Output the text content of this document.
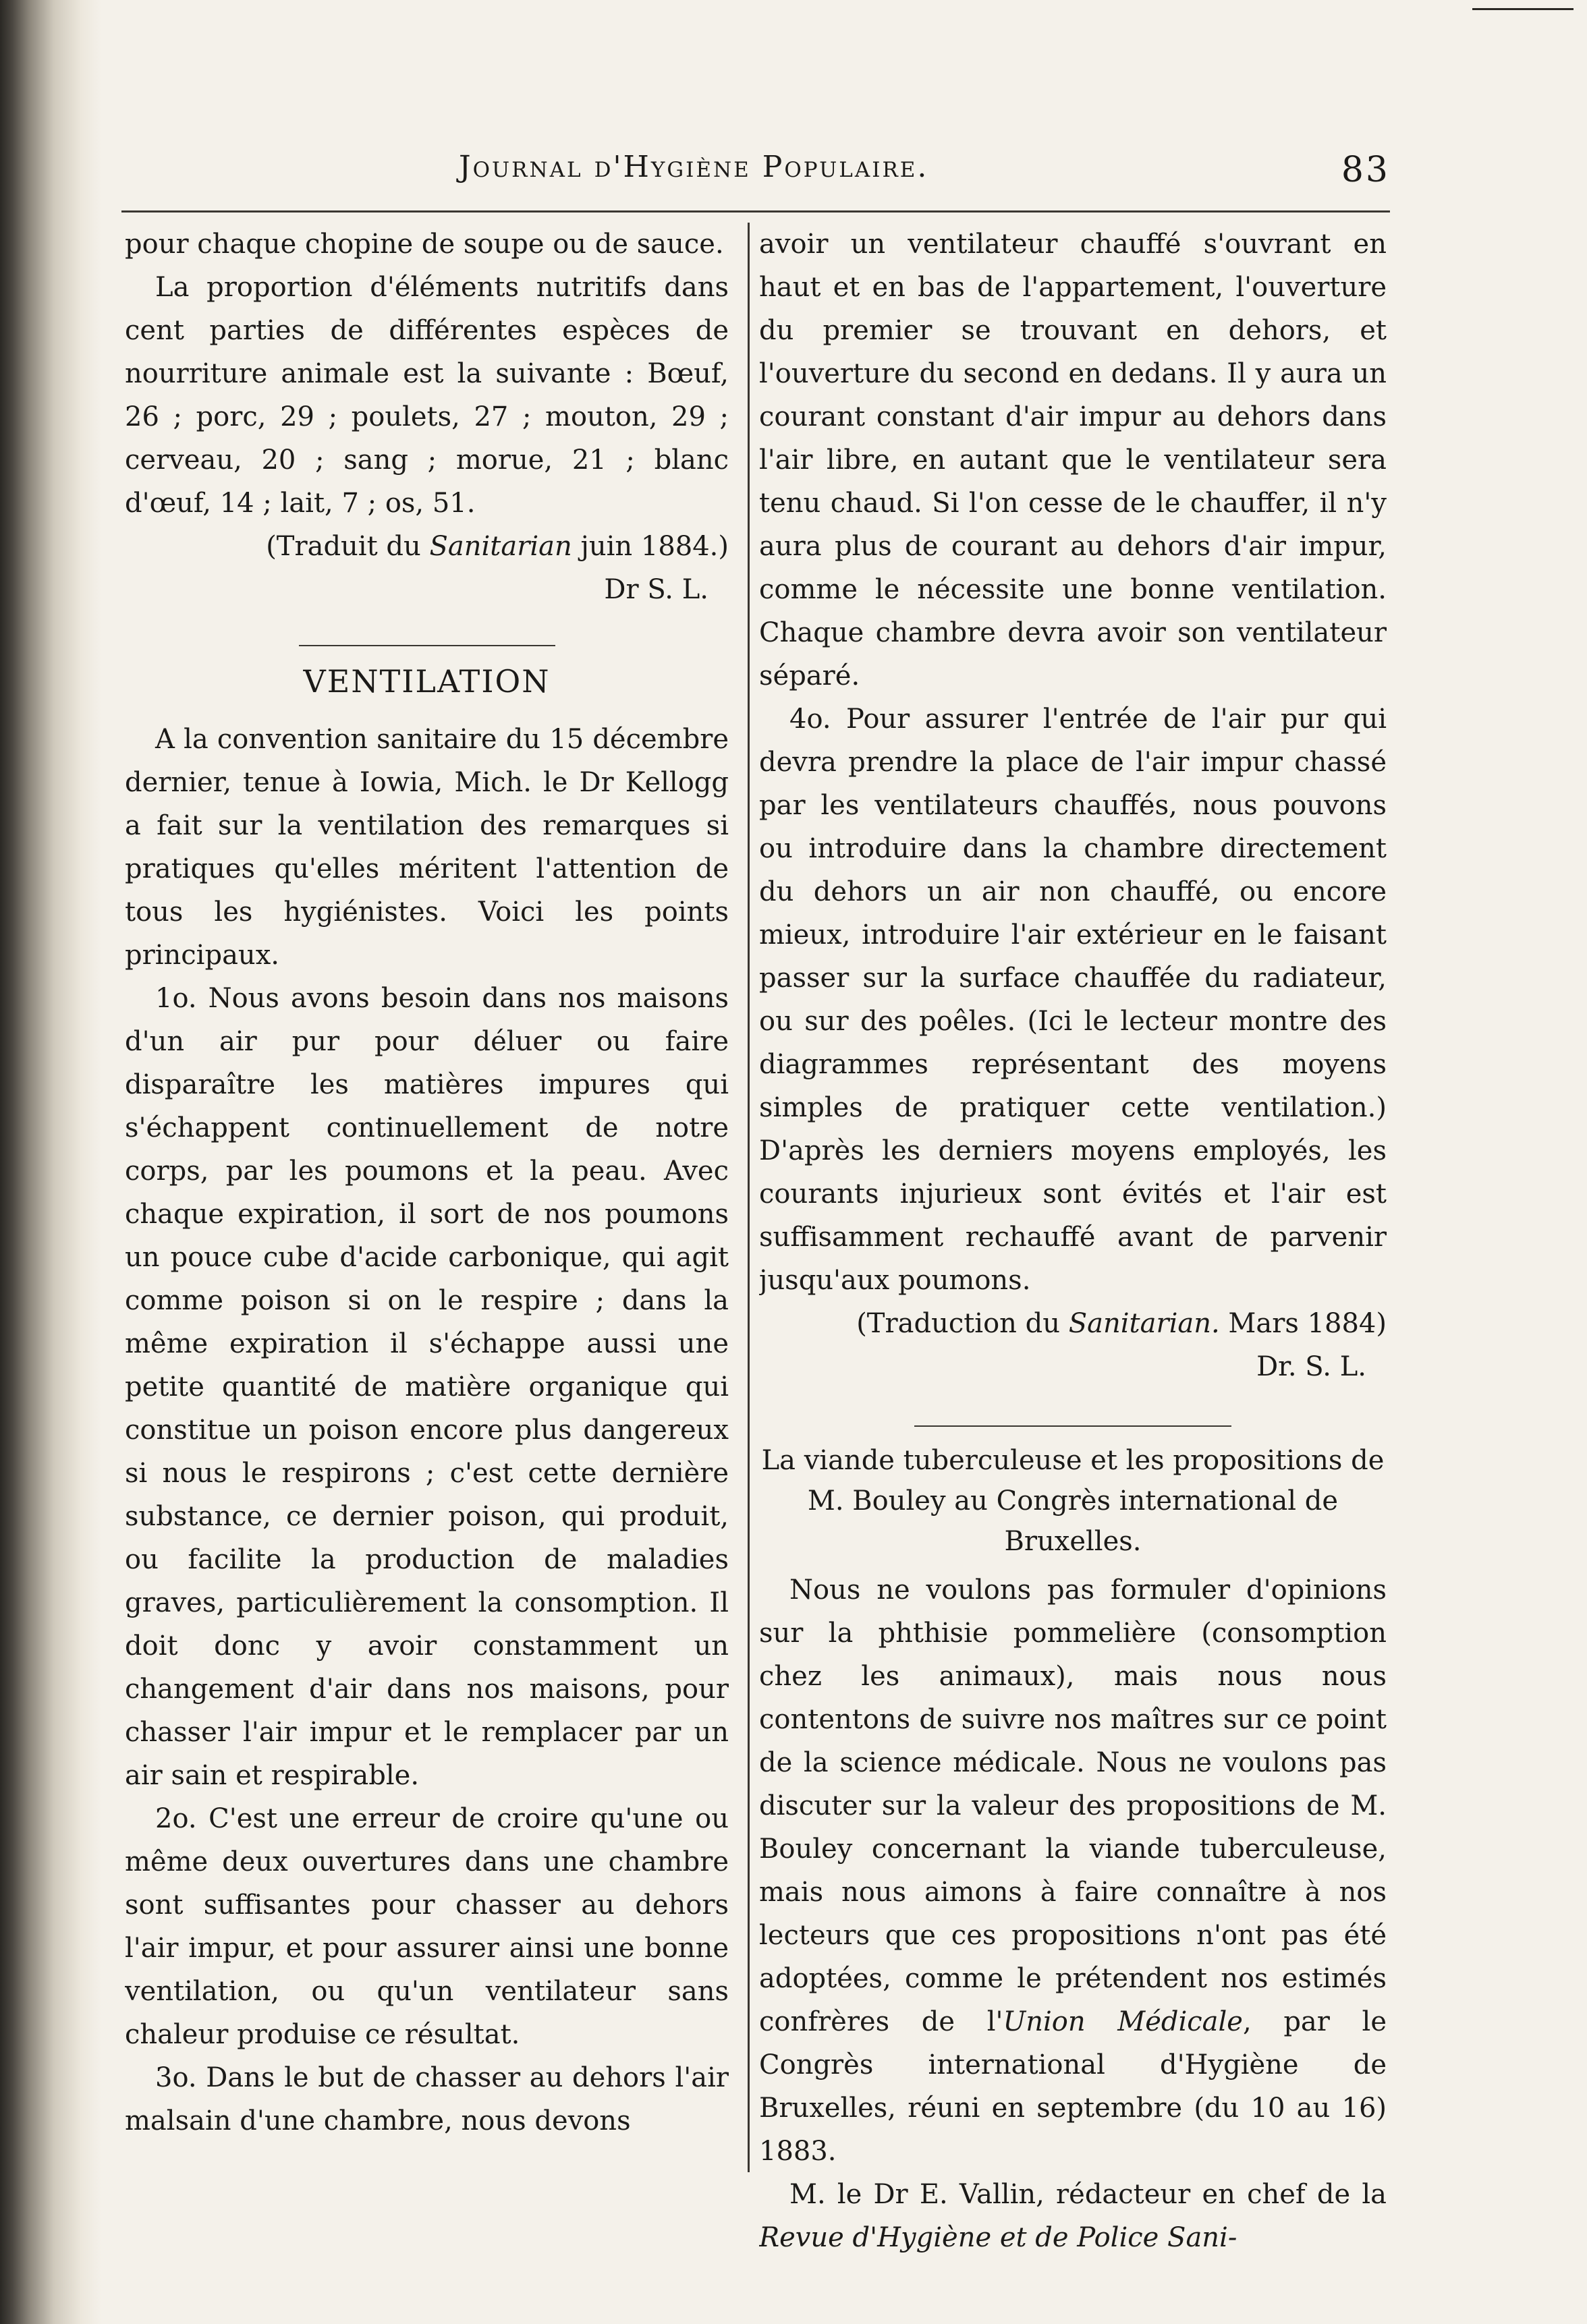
Journal d'Hygiène Populaire.	83

pour chaque chopine de soupe ou de sauce.

La proportion d'éléments nutritifs dans cent parties de différentes espèces de nourriture animale est la suivante : Bœuf, 26 ; porc, 29 ; poulets, 27 ; mouton, 29 ; cerveau, 20 ; sang ; morue, 21 ; blanc d'œuf, 14 ; lait, 7 ; os, 51.

(Traduit du Sanitarian juin 1884.)

Dr S. L.

VENTILATION

A la convention sanitaire du 15 décembre dernier, tenue à Iowia, Mich. le Dr Kellogg a fait sur la ventilation des remarques si pratiques qu'elles méritent l'attention de tous les hygiénistes. Voici les points principaux.

1o. Nous avons besoin dans nos maisons d'un air pur pour déluer ou faire disparaître les matières impures qui s'échappent continuellement de notre corps, par les poumons et la peau. Avec chaque expiration, il sort de nos poumons un pouce cube d'acide carbonique, qui agit comme poison si on le respire ; dans la même expiration il s'échappe aussi une petite quantité de matière organique qui constitue un poison encore plus dangereux si nous le respirons ; c'est cette dernière substance, ce dernier poison, qui produit, ou facilite la production de maladies graves, particulièrement la consomption. Il doit donc y avoir constamment un changement d'air dans nos maisons, pour chasser l'air impur et le remplacer par un air sain et respirable.

2o. C'est une erreur de croire qu'une ou même deux ouvertures dans une chambre sont suffisantes pour chasser au dehors l'air impur, et pour assurer ainsi une bonne ventilation, ou qu'un ventilateur sans chaleur produise ce résultat.

3o. Dans le but de chasser au dehors l'air malsain d'une chambre, nous devons

avoir un ventilateur chauffé s'ouvrant en haut et en bas de l'appartement, l'ouverture du premier se trouvant en dehors, et l'ouverture du second en dedans. Il y aura un courant constant d'air impur au dehors dans l'air libre, en autant que le ventilateur sera tenu chaud. Si l'on cesse de le chauffer, il n'y aura plus de courant au dehors d'air impur, comme le nécessite une bonne ventilation. Chaque chambre devra avoir son ventilateur séparé.

4o. Pour assurer l'entrée de l'air pur qui devra prendre la place de l'air impur chassé par les ventilateurs chauffés, nous pouvons ou introduire dans la chambre directement du dehors un air non chauffé, ou encore mieux, introduire l'air extérieur en le faisant passer sur la surface chauffée du radiateur, ou sur des poêles. (Ici le lecteur montre des diagrammes représentant des moyens simples de pratiquer cette ventilation.) D'après les derniers moyens employés, les courants injurieux sont évités et l'air est suffisamment rechauffé avant de parvenir jusqu'aux poumons.

(Traduction du Sanitarian. Mars 1884)

Dr. S. L.

La viande tuberculeuse et les propositions de M. Bouley au Congrès international de Bruxelles.

Nous ne voulons pas formuler d'opinions sur la phthisie pommelière (consomption chez les animaux), mais nous nous contentons de suivre nos maîtres sur ce point de la science médicale. Nous ne voulons pas discuter sur la valeur des propositions de M. Bouley concernant la viande tuberculeuse, mais nous aimons à faire connaître à nos lecteurs que ces propositions n'ont pas été adoptées, comme le prétendent nos estimés confrères de l'Union Médicale, par le Congrès international d'Hygiène de Bruxelles, réuni en septembre (du 10 au 16) 1883.

M. le Dr E. Vallin, rédacteur en chef de la Revue d'Hygiène et de Police Sani-
